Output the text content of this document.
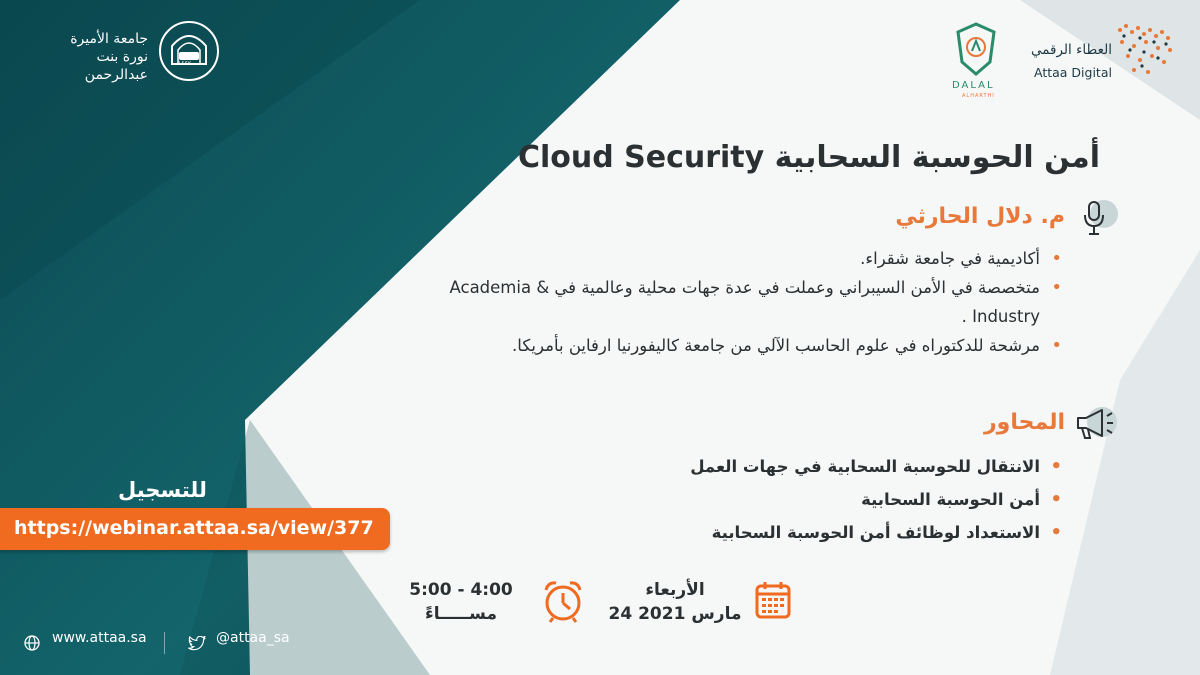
١٤٤٧
جامعة الأميرة
نورة بنت عبدالرحمن
العطاء الرقمي
Attaa Digital
DALAL
ALHARTHI
أمن الحوسبة السحابية Cloud Security
م. دلال الحارثي
• أكاديمية في جامعة شقراء.
• متخصصة في الأمن السيبراني وعملت في عدة جهات محلية وعالمية في Academia & Industry .
• مرشحة للدكتوراه في علوم الحاسب الآلي من جامعة كاليفورنيا ارفاين بأمريكا.
المحاور
• الانتقال للحوسبة السحابية في جهات العمل
• أمن الحوسبة السحابية
• الاستعداد لوظائف أمن الحوسبة السحابية
للتسجيل
https://webinar.attaa.sa/view/377
الأربعاء
24 مارس 2021
5:00 - 4:00
مســـــاءً
www.attaa.sa	@attaa_sa
